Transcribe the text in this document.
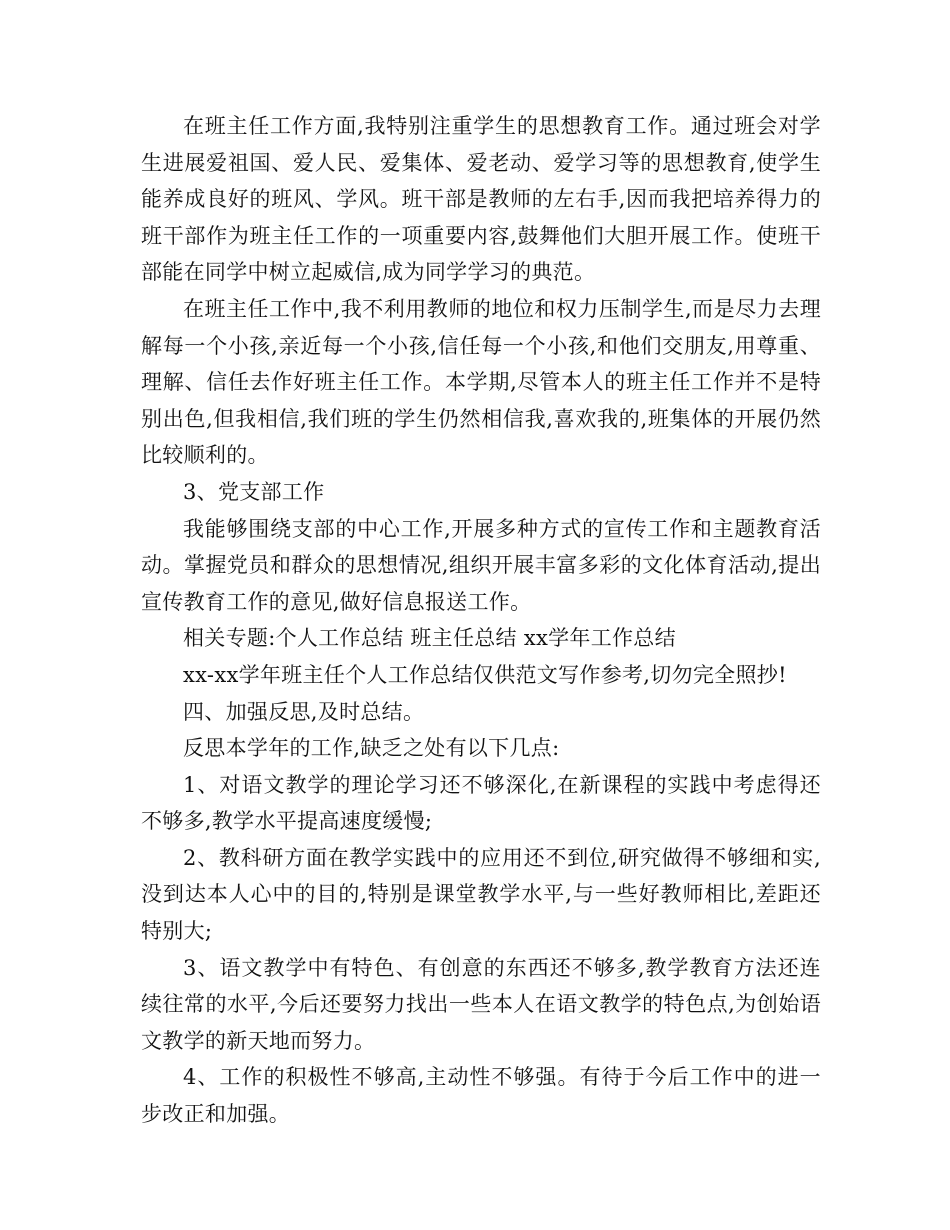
在班主任工作方面,我特别注重学生的思想教育工作。通过班会对学生进展爱祖国、爱人民、爱集体、爱老动、爱学习等的思想教育,使学生能养成良好的班风、学风。班干部是教师的左右手,因而我把培养得力的班干部作为班主任工作的一项重要内容,鼓舞他们大胆开展工作。使班干部能在同学中树立起威信,成为同学学习的典范。

在班主任工作中,我不利用教师的地位和权力压制学生,而是尽力去理解每一个小孩,亲近每一个小孩,信任每一个小孩,和他们交朋友,用尊重、理解、信任去作好班主任工作。本学期,尽管本人的班主任工作并不是特别出色,但我相信,我们班的学生仍然相信我,喜欢我的,班集体的开展仍然比较顺利的。

3、党支部工作

我能够围绕支部的中心工作,开展多种方式的宣传工作和主题教育活动。掌握党员和群众的思想情况,组织开展丰富多彩的文化体育活动,提出宣传教育工作的意见,做好信息报送工作。

相关专题:个人工作总结 班主任总结 xx学年工作总结

xx-xx学年班主任个人工作总结仅供范文写作参考,切勿完全照抄!

四、加强反思,及时总结。

反思本学年的工作,缺乏之处有以下几点:

1、对语文教学的理论学习还不够深化,在新课程的实践中考虑得还不够多,教学水平提高速度缓慢;

2、教科研方面在教学实践中的应用还不到位,研究做得不够细和实,没到达本人心中的目的,特别是课堂教学水平,与一些好教师相比,差距还特别大;

3、语文教学中有特色、有创意的东西还不够多,教学教育方法还连续往常的水平,今后还要努力找出一些本人在语文教学的特色点,为创始语文教学的新天地而努力。

4、工作的积极性不够高,主动性不够强。有待于今后工作中的进一步改正和加强。
